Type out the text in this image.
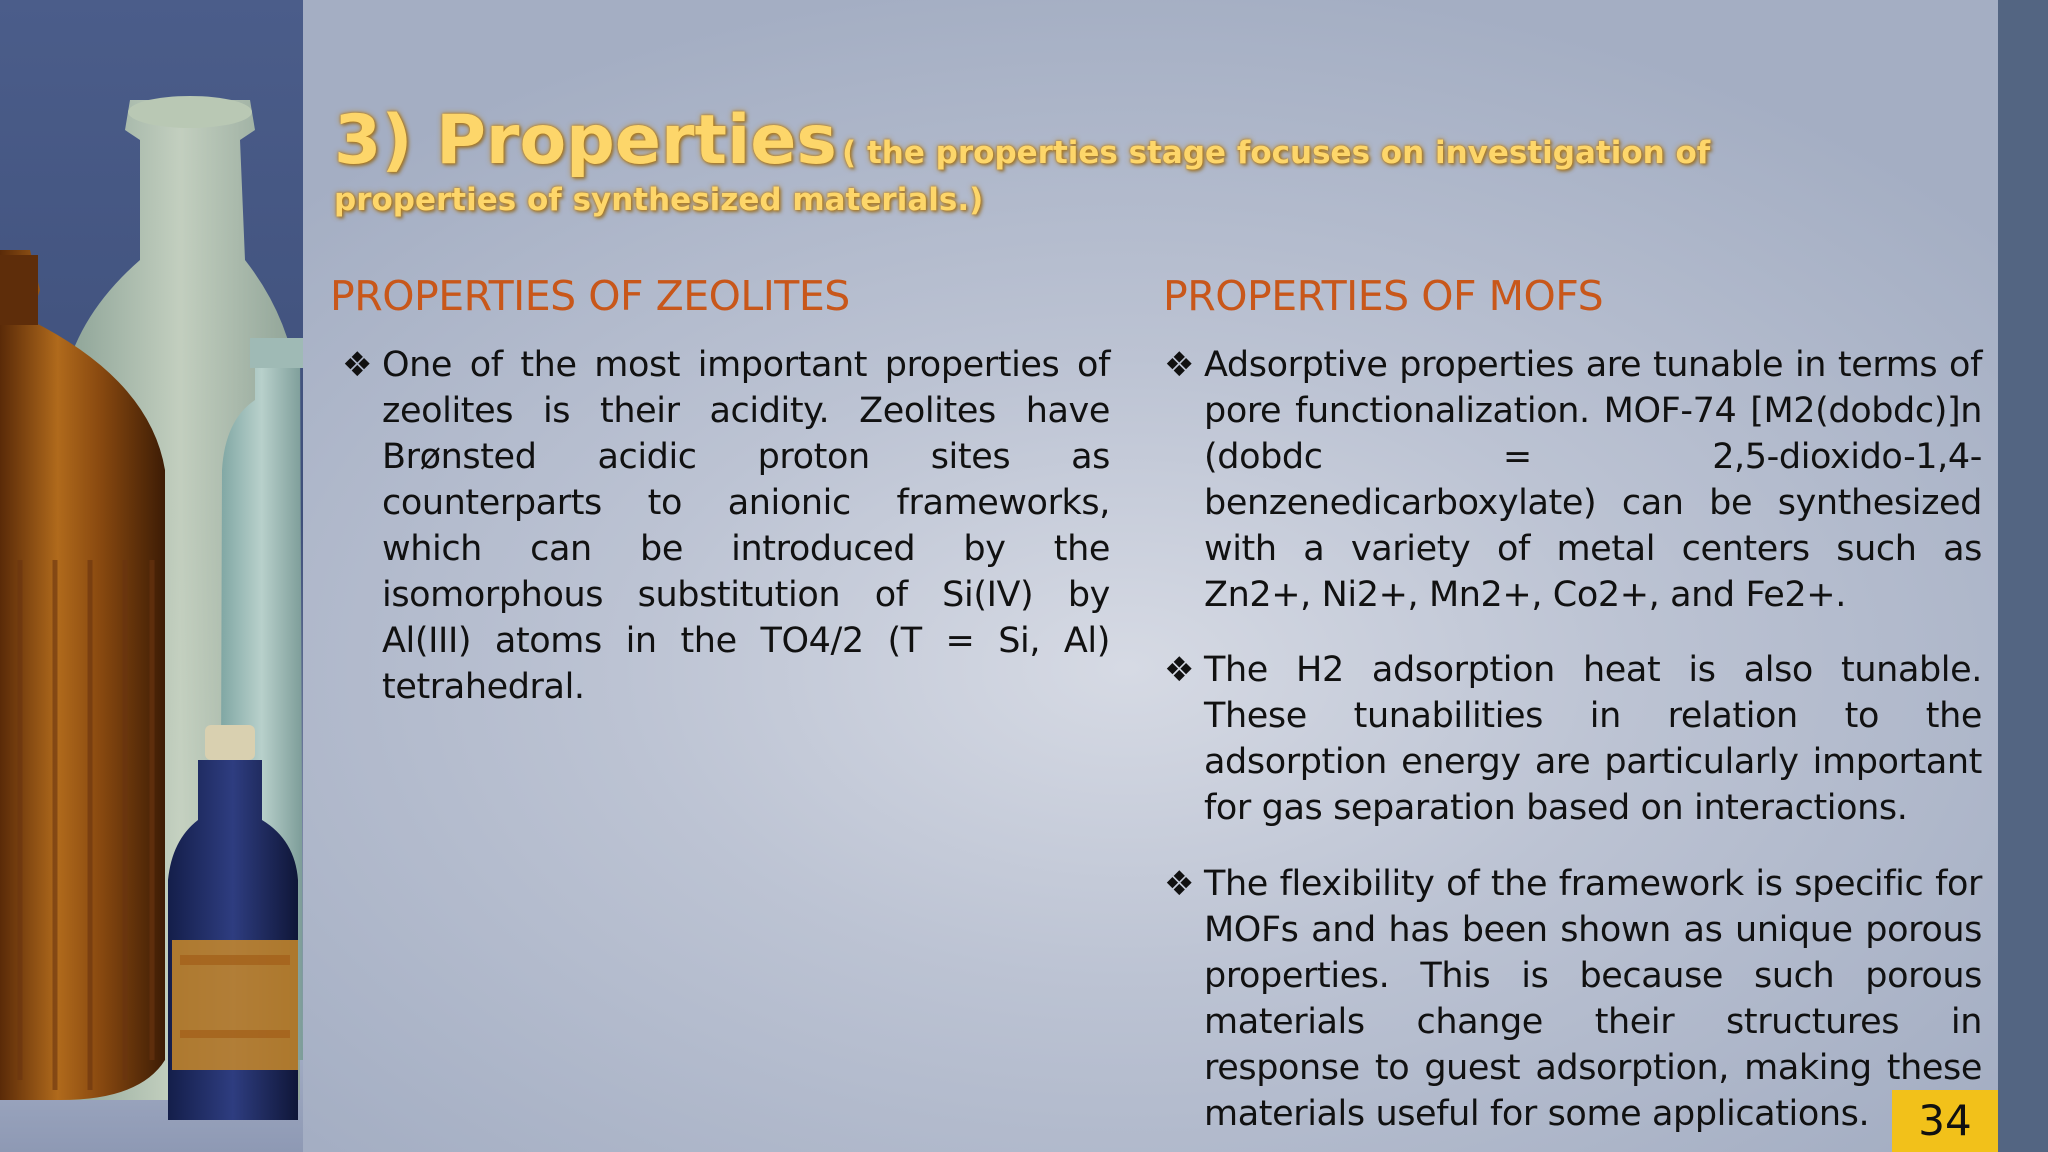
3) Properties ( the properties stage focuses on investigation of properties of synthesized materials.)
PROPERTIES OF ZEOLITES	PROPERTIES OF MOFS
❖ One of the most important properties of zeolites is their acidity. Zeolites have Brønsted acidic proton sites as counterparts to anionic frameworks, which can be introduced by the isomorphous substitution of Si(IV) by Al(III) atoms in the TO4/2 (T = Si, Al) tetrahedral.
❖ Adsorptive properties are tunable in terms of pore functionalization. MOF-74 [M2(dobdc)]n (dobdc = 2,5-dioxido-1,4-benzenedicarboxylate) can be synthesized with a variety of metal centers such as Zn2+, Ni2+, Mn2+, Co2+, and Fe2+.
❖ The H2 adsorption heat is also tunable. These tunabilities in relation to the adsorption energy are particularly important for gas separation based on interactions.
❖ The flexibility of the framework is specific for MOFs and has been shown as unique porous properties. This is because such porous materials change their structures in response to guest adsorption, making these materials useful for some applications.	34
